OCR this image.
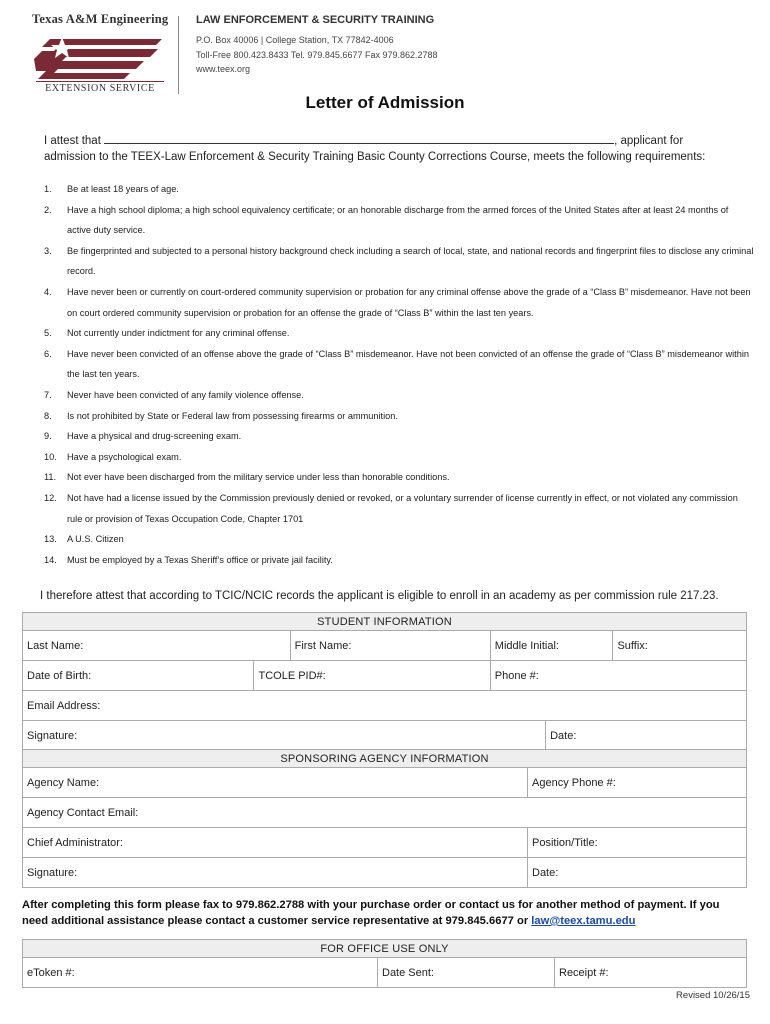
Texas A&M Engineering
EXTENSION SERVICE
LAW ENFORCEMENT & SECURITY TRAINING
P.O. Box 40006 | College Station, TX 77842-4006
Toll-Free 800.423.8433 Tel. 979.845.6677 Fax 979.862.2788
www.teex.org
Letter of Admission
I attest that	, applicant for
admission to the TEEX-Law Enforcement & Security Training Basic County Corrections Course, meets the following requirements:
1.	Be at least 18 years of age.
2.	Have a high school diploma; a high school equivalency certificate; or an honorable discharge from the armed forces of the United States after at least 24 months of active duty service.
3.	Be fingerprinted and subjected to a personal history background check including a search of local, state, and national records and fingerprint files to disclose any criminal record.
4.	Have never been or currently on court-ordered community supervision or probation for any criminal offense above the grade of a “Class B” misdemeanor. Have not been on court ordered community supervision or probation for an offense the grade of “Class B” within the last ten years.
5.	Not currently under indictment for any criminal offense.
6.	Have never been convicted of an offense above the grade of “Class B” misdemeanor. Have not been convicted of an offense the grade of “Class B” misdemeanor within the last ten years.
7.	Never have been convicted of any family violence offense.
8.	Is not prohibited by State or Federal law from possessing firearms or ammunition.
9.	Have a physical and drug-screening exam.
10.	Have a psychological exam.
11.	Not ever have been discharged from the military service under less than honorable conditions.
12.	Not have had a license issued by the Commission previously denied or revoked, or a voluntary surrender of license currently in effect, or not violated any commission rule or provision of Texas Occupation Code, Chapter 1701
13.	A U.S. Citizen
14.	Must be employed by a Texas Sheriff’s office or private jail facility.
I therefore attest that according to TCIC/NCIC records the applicant is eligible to enroll in an academy as per commission rule 217.23.
STUDENT INFORMATION					
Last Name:		First Name:	Middle Initial:		Suffix:
Date of Birth:	TCOLE PID#:		Phone #:		
Email Address:					
Signature:				Date:	
SPONSORING AGENCY INFORMATION	
Agency Name:	Agency Phone #:
Agency Contact Email:	
Chief Administrator:	Position/Title:
Signature:	Date:
After completing this form please fax to 979.862.2788 with your purchase order or contact us for another method of payment. If you need additional assistance please contact a customer service representative at 979.845.6677 or law@teex.tamu.edu
FOR OFFICE USE ONLY
eToken #:	Date Sent:	Receipt #:
Revised 10/26/15
